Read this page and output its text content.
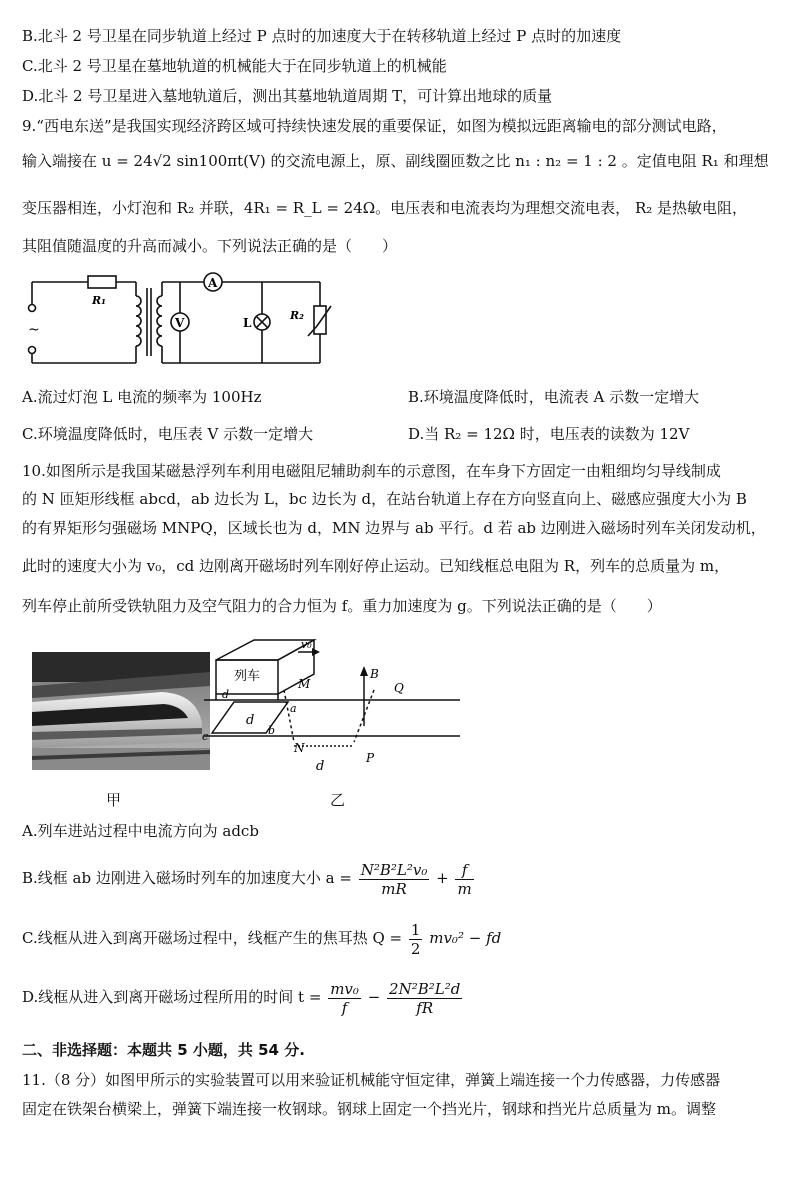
B.北斗 2 号卫星在同步轨道上经过 P 点时的加速度大于在转移轨道上经过 P 点时的加速度
C.北斗 2 号卫星在墓地轨道的机械能大于在同步轨道上的机械能
D.北斗 2 号卫星进入墓地轨道后，测出其墓地轨道周期 T，可计算出地球的质量
9.“西电东送”是我国实现经济跨区域可持续快速发展的重要保证，如图为模拟远距离输电的部分测试电路，
输入端接在 u = 24√2 sin100πt(V) 的交流电源上，原、副线圈匝数之比 n₁ : n₂ = 1 : 2 。定值电阻 R₁ 和理想
变压器相连，小灯泡和 R₂ 并联，4R₁ = R_L = 24Ω。电压表和电流表均为理想交流电表， R₂ 是热敏电阻，
其阻值随温度的升高而减小。下列说法正确的是（　　）
~
R₁
A
V	L
R₂
A.流过灯泡 L 电流的频率为 100Hz	B.环境温度降低时，电流表 A 示数一定增大
C.环境温度降低时，电压表 V 示数一定增大	D.当 R₂ = 12Ω 时，电压表的读数为 12V
10.如图所示是我国某磁悬浮列车利用电磁阻尼辅助刹车的示意图，在车身下方固定一由粗细均匀导线制成
的 N 匝矩形线框 abcd，ab 边长为 L，bc 边长为 d，在站台轨道上存在方向竖直向上、磁感应强度大小为 B
的有界矩形匀强磁场 MNPQ，区域长也为 d，MN 边界与 ab 平行。d 若 ab 边刚进入磁场时列车关闭发动机，
此时的速度大小为 v₀，cd 边刚离开磁场时列车刚好停止运动。已知线框总电阻为 R，列车的总质量为 m，
列车停止前所受铁轨阻力及空气阻力的合力恒为 f。重力加速度为 g。下列说法正确的是（　　）
列车
v₀
M
N
P
Q
B
a
b
c
d
d
d
甲	乙
A.列车进站过程中电流方向为 adcb
B.线框 ab 边刚进入磁场时列车的加速度大小 $a = \frac{\text{N²B²L²v₀}}{mR} + \frac{f}{m}$
C.线框从进入到离开磁场过程中，线框产生的焦耳热 $Q = \frac{1}{2} mv_0^2$ − fd
D.线框从进入到离开磁场过程所用的时间 $t = \frac{\text{mv₀}}{f} - \frac{\text{2N²B²L²d}}{fR}$
二、非选择题：本题共 5 小题，共 54 分.
11.（8 分）如图甲所示的实验装置可以用来验证机械能守恒定律，弹簧上端连接一个力传感器，力传感器
固定在铁架台横梁上，弹簧下端连接一枚钢球。钢球上固定一个挡光片，钢球和挡光片总质量为 m。调整
